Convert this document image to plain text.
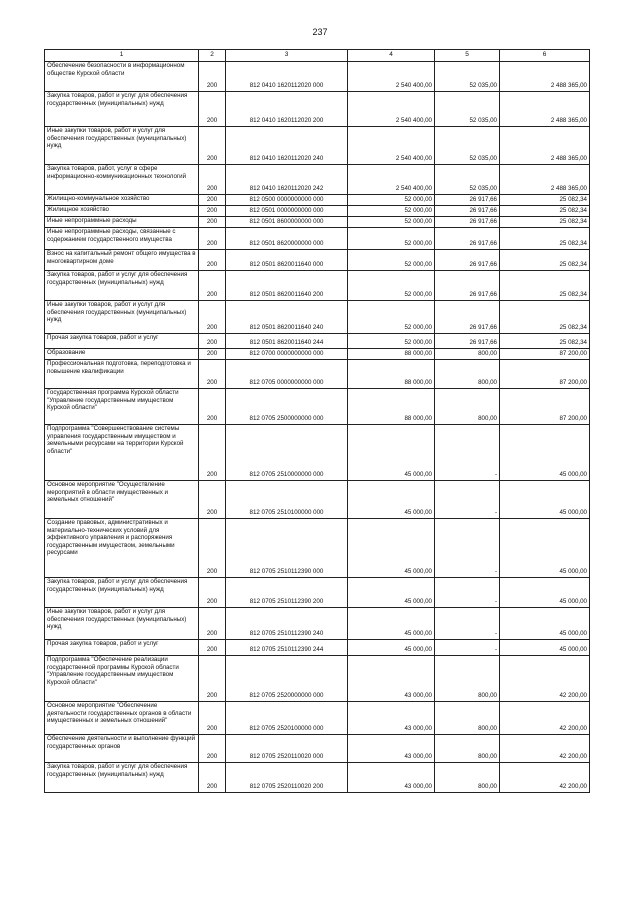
237
1	2	3	4	5	6
Обеспечение безопасности в информационном обществе Курской области	200	812 0410 1620112020 000	2 540 400,00	52 035,00	2 488 365,00
Закупка товаров, работ и услуг для обеспечения государственных (муниципальных) нужд	200	812 0410 1620112020 200	2 540 400,00	52 035,00	2 488 365,00
Иные закупки товаров, работ и услуг для обеспечения государственных (муниципальных) нужд	200	812 0410 1620112020 240	2 540 400,00	52 035,00	2 488 365,00
Закупка товаров, работ, услуг в сфере информационно-коммуникационных технологий	200	812 0410 1620112020 242	2 540 400,00	52 035,00	2 488 365,00
Жилищно-коммунальное хозяйство	200	812 0500 0000000000 000	52 000,00	26 917,66	25 082,34
Жилищное хозяйство	200	812 0501 0000000000 000	52 000,00	26 917,66	25 082,34
Иные непрограммные расходы	200	812 0501 8600000000 000	52 000,00	26 917,66	25 082,34
Иные непрограммные расходы, связанные с содержанием государственного имущества	200	812 0501 8620000000 000	52 000,00	26 917,66	25 082,34
Взнос на капитальный ремонт общего имущества в многоквартирном доме	200	812 0501 8620011640 000	52 000,00	26 917,66	25 082,34
Закупка товаров, работ и услуг для обеспечения государственных (муниципальных) нужд	200	812 0501 8620011640 200	52 000,00	26 917,66	25 082,34
Иные закупки товаров, работ и услуг для обеспечения государственных (муниципальных) нужд	200	812 0501 8620011640 240	52 000,00	26 917,66	25 082,34
Прочая закупка товаров, работ и услуг	200	812 0501 8620011640 244	52 000,00	26 917,66	25 082,34
Образование	200	812 0700 0000000000 000	88 000,00	800,00	87 200,00
Профессиональная подготовка, переподготовка и повышение квалификации	200	812 0705 0000000000 000	88 000,00	800,00	87 200,00
Государственная программа Курской области "Управление государственным имуществом Курской области"	200	812 0705 2500000000 000	88 000,00	800,00	87 200,00
Подпрограмма "Совершенствование системы управления государственным имуществом и земельными ресурсами на территории Курской области"	200	812 0705 2510000000 000	45 000,00	-	45 000,00
Основное мероприятие "Осуществление мероприятий в области имущественных и земельных отношений"	200	812 0705 2510100000 000	45 000,00	-	45 000,00
Создание правовых, административных и материально-технических условий для эффективного управления и распоряжения государственным имуществом, земельными ресурсами	200	812 0705 2510112390 000	45 000,00	-	45 000,00
Закупка товаров, работ и услуг для обеспечения государственных (муниципальных) нужд	200	812 0705 2510112390 200	45 000,00	-	45 000,00
Иные закупки товаров, работ и услуг для обеспечения государственных (муниципальных) нужд	200	812 0705 2510112390 240	45 000,00	-	45 000,00
Прочая закупка товаров, работ и услуг	200	812 0705 2510112390 244	45 000,00	-	45 000,00
Подпрограмма "Обеспечение реализации государственной программы Курской области "Управление государственным имуществом Курской области"	200	812 0705 2520000000 000	43 000,00	800,00	42 200,00
Основное мероприятие "Обеспечение деятельности государственных органов в области имущественных и земельных отношений"	200	812 0705 2520100000 000	43 000,00	800,00	42 200,00
Обеспечение деятельности и выполнение функций государственных органов	200	812 0705 2520110020 000	43 000,00	800,00	42 200,00
Закупка товаров, работ и услуг для обеспечения государственных (муниципальных) нужд	200	812 0705 2520110020 200	43 000,00	800,00	42 200,00
